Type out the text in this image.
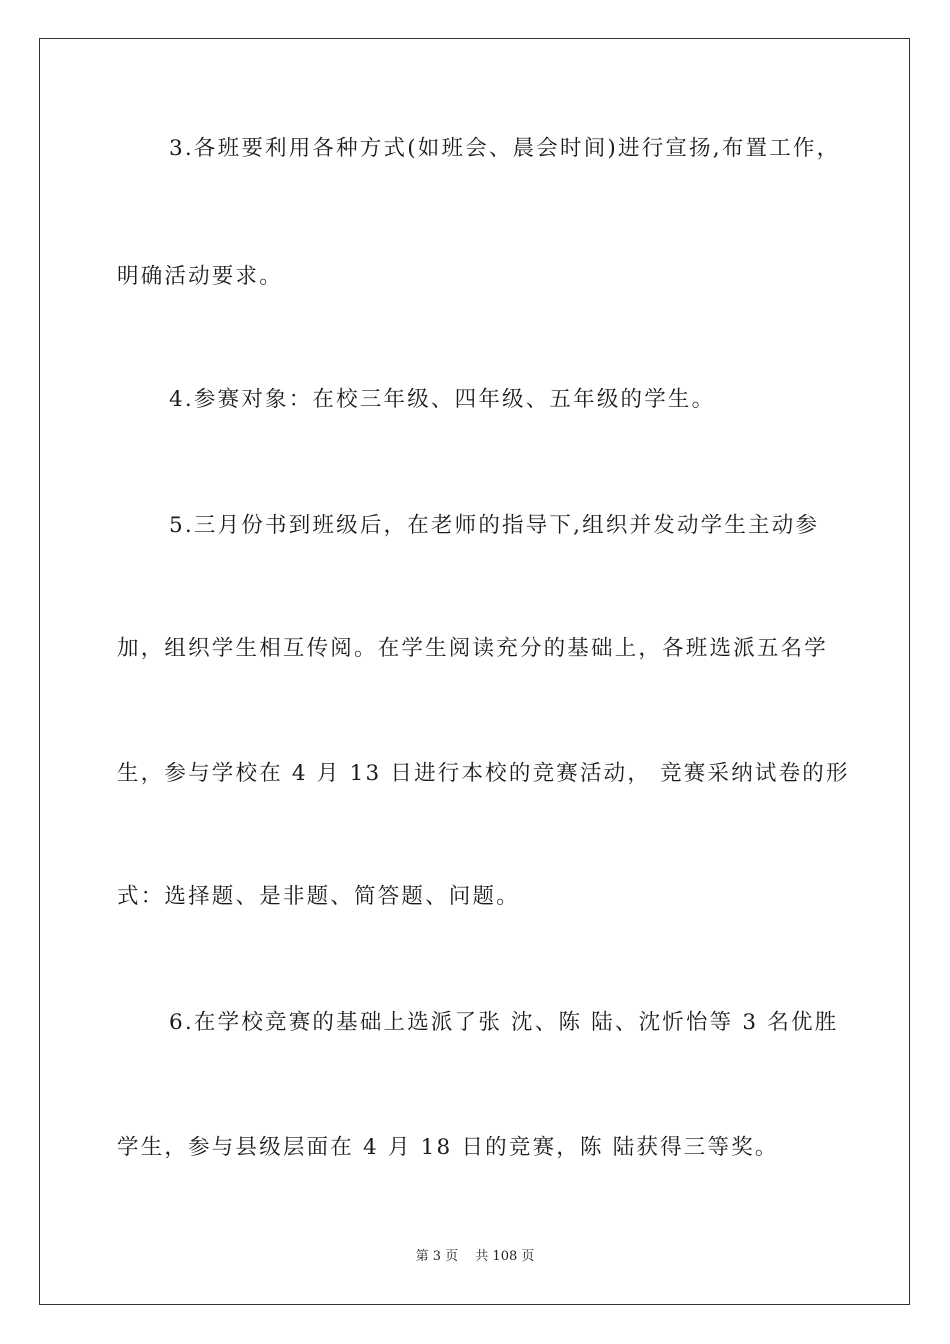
3.各班要利用各种方式(如班会、晨会时间)进行宣扬,布置工作，
明确活动要求。
4.参赛对象：在校三年级、四年级、五年级的学生。
5.三月份书到班级后，在老师的指导下,组织并发动学生主动参
加，组织学生相互传阅。在学生阅读充分的基础上，各班选派五名学
生，参与学校在 4 月 13 日进行本校的竞赛活动， 竞赛采纳试卷的形
式：选择题、是非题、简答题、问题。
6.在学校竞赛的基础上选派了张 沈、陈 陆、沈忻怡等 3 名优胜
学生，参与县级层面在 4 月 18 日的竞赛，陈 陆获得三等奖。
第 3 页　 共 108 页
